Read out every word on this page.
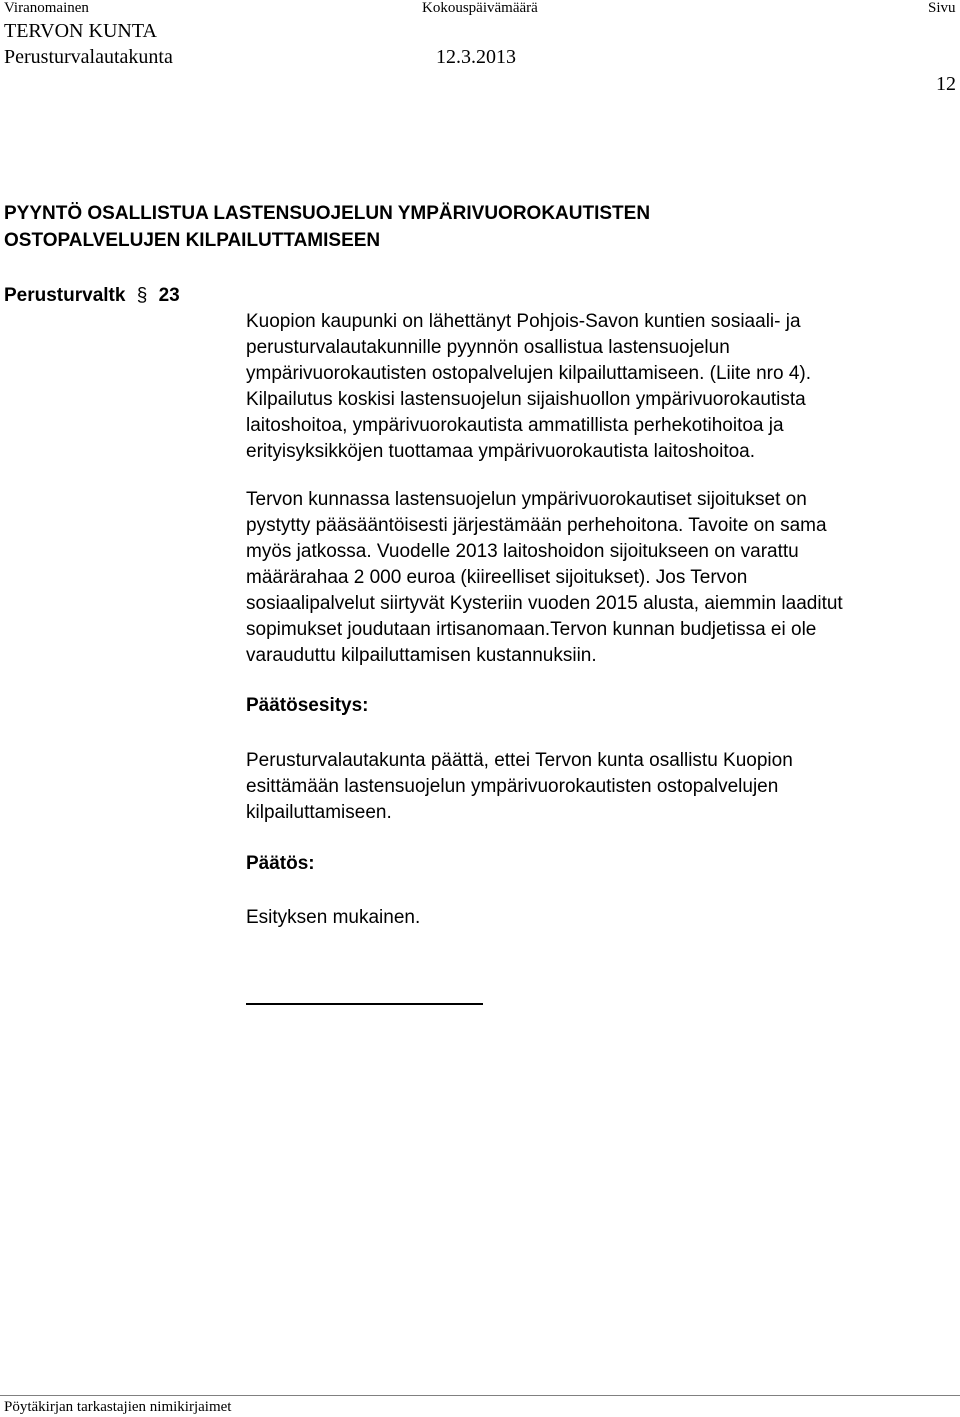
Viranomainen	Kokouspäivämäärä	Sivu
TERVON KUNTA
Perusturvalautakunta	12.3.2013
12
PYYNTÖ OSALLISTUA LASTENSUOJELUN YMPÄRIVUOROKAUTISTEN
OSTOPALVELUJEN KILPAILUTTAMISEEN
Perusturvaltk § 23
Kuopion kaupunki on lähettänyt Pohjois-Savon kuntien sosiaali- ja
perusturvalautakunnille pyynnön osallistua lastensuojelun
ympärivuorokautisten ostopalvelujen kilpailuttamiseen. (Liite nro 4).
Kilpailutus koskisi lastensuojelun sijaishuollon ympärivuorokautista
laitoshoitoa, ympärivuorokautista ammatillista perhekotihoitoa ja
erityisyksikköjen tuottamaa ympärivuorokautista laitoshoitoa.
Tervon kunnassa lastensuojelun ympärivuorokautiset sijoitukset on
pystytty pääsääntöisesti järjestämään perhehoitona. Tavoite on sama
myös jatkossa. Vuodelle 2013 laitoshoidon sijoitukseen on varattu
määrärahaa 2 000 euroa (kiireelliset sijoitukset). Jos Tervon
sosiaalipalvelut siirtyvät Kysteriin vuoden 2015 alusta, aiemmin laaditut
sopimukset joudutaan irtisanomaan.Tervon kunnan budjetissa ei ole
varauduttu kilpailuttamisen kustannuksiin.
Päätösesitys:
Perusturvalautakunta päättä, ettei Tervon kunta osallistu Kuopion
esittämään lastensuojelun ympärivuorokautisten ostopalvelujen
kilpailuttamiseen.
Päätös:
Esityksen mukainen.
Pöytäkirjan tarkastajien nimikirjaimet
